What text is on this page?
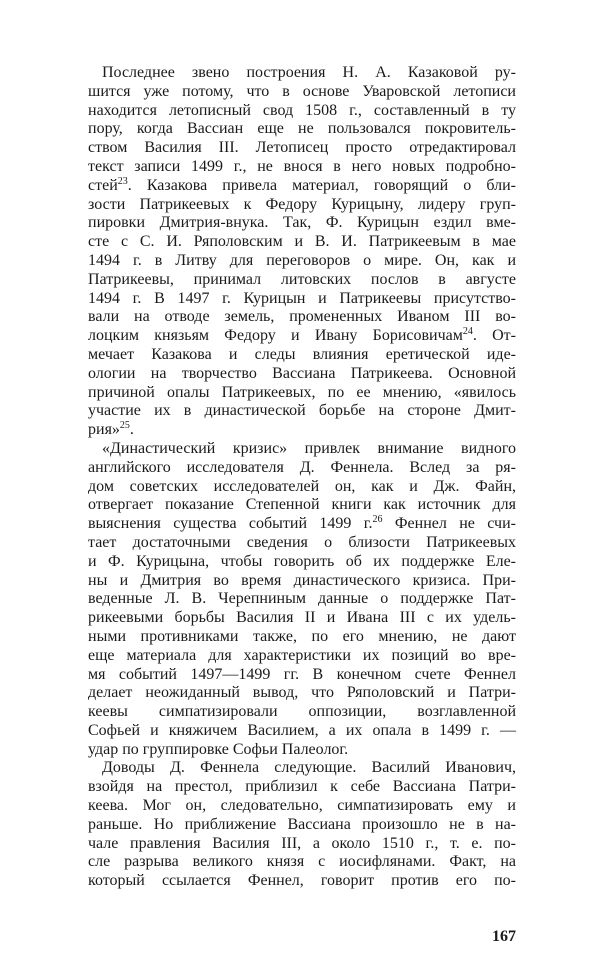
Последнее звено построения Н. А. Казаковой ру-
шится уже потому, что в основе Уваровской летописи
находится летописный свод 1508 г., составленный в ту
пору, когда Вассиан еще не пользовался покровитель-
ством Василия III. Летописец просто отредактировал
текст записи 1499 г., не внося в него новых подробно-
стей$^{23}$. Казакова привела материал, говорящий о бли-
зости Патрикеевых к Федору Курицыну, лидеру груп-
пировки Дмитрия-внука. Так, Ф. Курицын ездил вме-
сте с С. И. Ряполовским и В. И. Патрикеевым в мае
1494 г. в Литву для переговоров о мире. Он, как и
Патрикеевы, принимал литовских послов в августе
1494 г. В 1497 г. Курицын и Патрикеевы присутство-
вали на отводе земель, промененных Иваном III во-
лоцким князьям Федору и Ивану Борисовичам$^{24}$. От-
мечает Казакова и следы влияния еретической иде-
ологии на творчество Вассиана Патрикеева. Основной
причиной опалы Патрикеевых, по ее мнению, «явилось
участие их в династической борьбе на стороне Дмит-
рия»$^{25}$.
«Династический кризис» привлек внимание видного
английского исследователя Д. Феннела. Вслед за ря-
дом советских исследователей он, как и Дж. Файн,
отвергает показание Степенной книги как источник для
выяснения существа событий 1499 г.$^{26}$ Феннел не счи-
тает достаточными сведения о близости Патрикеевых
и Ф. Курицына, чтобы говорить об их поддержке Еле-
ны и Дмитрия во время династического кризиса. При-
веденные Л. В. Черепниным данные о поддержке Пат-
рикеевыми борьбы Василия II и Ивана III с их удель-
ными противниками также, по его мнению, не дают
еще материала для характеристики их позиций во вре-
мя событий 1497—1499 гг. В конечном счете Феннел
делает неожиданный вывод, что Ряполовский и Патри-
кеевы симпатизировали оппозиции, возглавленной
Софьей и княжичем Василием, а их опала в 1499 г. —
удар по группировке Софьи Палеолог.
Доводы Д. Феннела следующие. Василий Иванович,
взойдя на престол, приблизил к себе Вассиана Патри-
кеева. Мог он, следовательно, симпатизировать ему и
раньше. Но приближение Вассиана произошло не в на-
чале правления Василия III, а около 1510 г., т. е. по-
сле разрыва великого князя с иосифлянами. Факт, на
который ссылается Феннел, говорит против его по-
167
